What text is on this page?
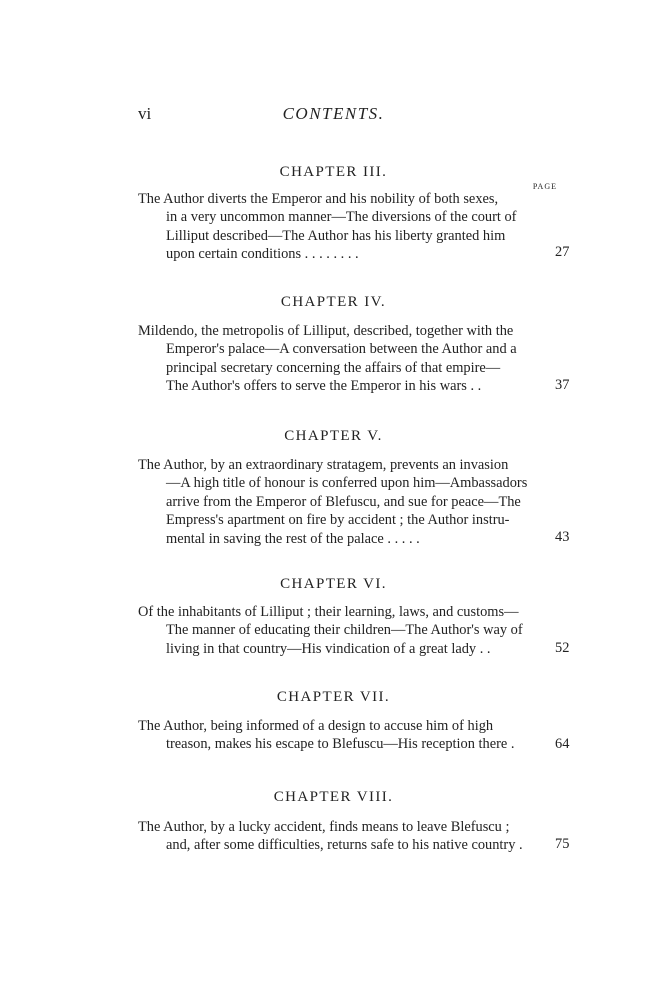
vi	CONTENTS.
CHAPTER III.
PAGE
The Author diverts the Emperor and his nobility of both sexes,
in a very uncommon manner—The diversions of the court of
Lilliput described—The Author has his liberty granted him
upon certain conditions . . . . . . . .	27
CHAPTER IV.
Mildendo, the metropolis of Lilliput, described, together with the
Emperor's palace—A conversation between the Author and a
principal secretary concerning the affairs of that empire—
The Author's offers to serve the Emperor in his wars . .	37
CHAPTER V.
The Author, by an extraordinary stratagem, prevents an invasion
—A high title of honour is conferred upon him—Ambassadors
arrive from the Emperor of Blefuscu, and sue for peace—The
Empress's apartment on fire by accident ; the Author instru-
mental in saving the rest of the palace . . . . .	43
CHAPTER VI.
Of the inhabitants of Lilliput ; their learning, laws, and customs—
The manner of educating their children—The Author's way of
living in that country—His vindication of a great lady . .	52
CHAPTER VII.
The Author, being informed of a design to accuse him of high
treason, makes his escape to Blefuscu—His reception there .	64
CHAPTER VIII.
The Author, by a lucky accident, finds means to leave Blefuscu ;
and, after some difficulties, returns safe to his native country .	75
